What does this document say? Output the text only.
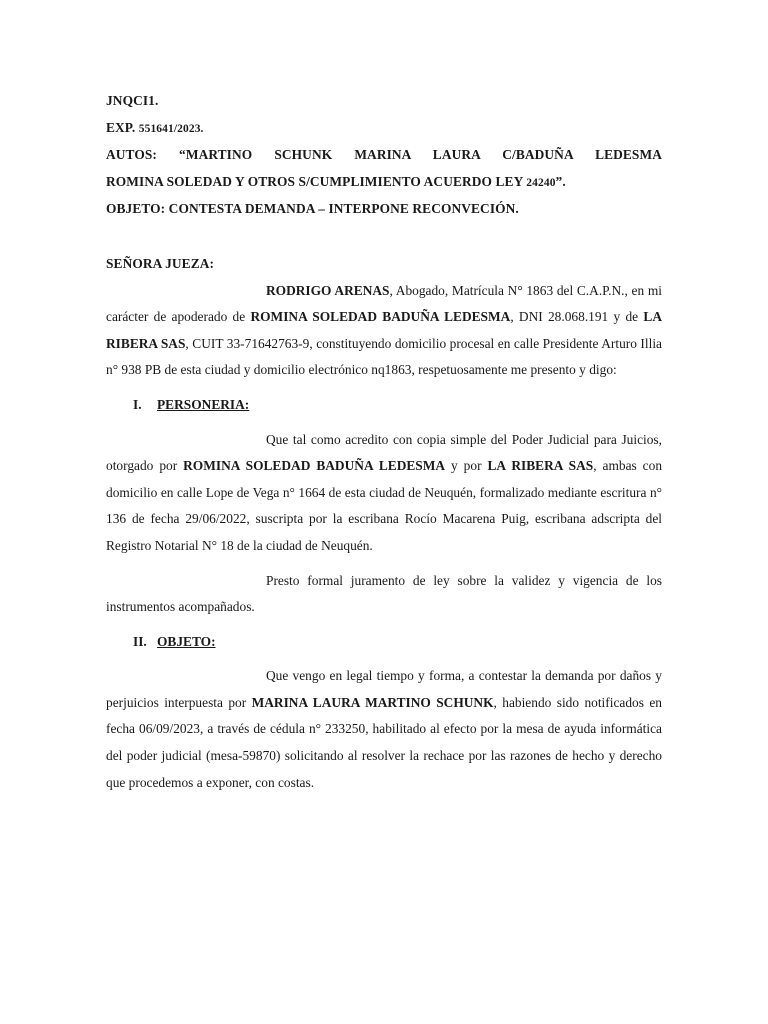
JNQCI1.

EXP. 551641/2023.

AUTOS: “MARTINO SCHUNK MARINA LAURA C/BADUÑA LEDESMA

ROMINA SOLEDAD Y OTROS S/CUMPLIMIENTO ACUERDO LEY 24240”.

OBJETO: CONTESTA DEMANDA – INTERPONE RECONVECIÓN.

SEÑORA JUEZA:

RODRIGO ARENAS, Abogado, Matrícula N° 1863 del C.A.P.N., en mi carácter de apoderado de ROMINA SOLEDAD BADUÑA LEDESMA, DNI 28.068.191 y de LA RIBERA SAS, CUIT 33-71642763-9, constituyendo domicilio procesal en calle Presidente Arturo Illia n° 938 PB de esta ciudad y domicilio electrónico nq1863, respetuosamente me presento y digo:

I. PERSONERIA:

Que tal como acredito con copia simple del Poder Judicial para Juicios, otorgado por ROMINA SOLEDAD BADUÑA LEDESMA y por LA RIBERA SAS, ambas con domicilio en calle Lope de Vega n° 1664 de esta ciudad de Neuquén, formalizado mediante escritura n° 136 de fecha 29/06/2022, suscripta por la escribana Rocío Macarena Puig, escribana adscripta del Registro Notarial N° 18 de la ciudad de Neuquén.

Presto formal juramento de ley sobre la validez y vigencia de los instrumentos acompañados.

II. OBJETO:

Que vengo en legal tiempo y forma, a contestar la demanda por daños y perjuicios interpuesta por MARINA LAURA MARTINO SCHUNK, habiendo sido notificados en fecha 06/09/2023, a través de cédula n° 233250, habilitado al efecto por la mesa de ayuda informática del poder judicial (mesa-59870) solicitando al resolver la rechace por las razones de hecho y derecho que procedemos a exponer, con costas.
